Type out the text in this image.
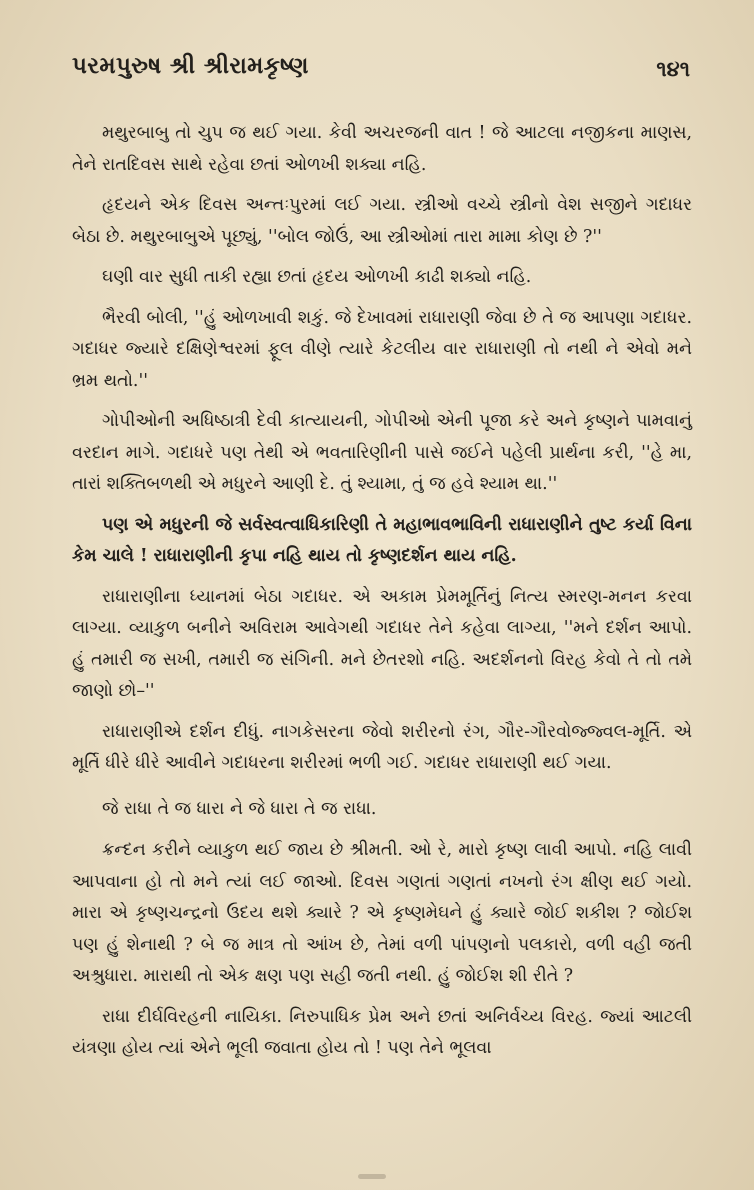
પરમપુરુષ શ્રી શ્રીરામકૃષ્ણ	૧૪૧

મથુરબાબુ તો ચુપ જ થઈ ગયા. કેવી અચરજની વાત ! જે આટલા નજીકના માણસ, તેને રાતદિવસ સાથે રહેવા છતાં ઓળખી શક્યા નહિ.

હૃદયને એક દિવસ અન્તઃપુરમાં લઈ ગયા. સ્ત્રીઓ વચ્ચે સ્ત્રીનો વેશ સજીને ગદાધર બેઠા છે. મથુરબાબુએ પૂછ્યું, ''બોલ જોઉં, આ સ્ત્રીઓમાં તારા મામા કોણ છે ?''

ઘણી વાર સુધી તાકી રહ્યા છતાં હૃદય ઓળખી કાઢી શક્યો નહિ.

ભૈરવી બોલી, ''હું ઓળખાવી શકું. જે દેખાવમાં રાધારાણી જેવા છે તે જ આપણા ગદાધર. ગદાધર જ્યારે દક્ષિણેશ્વરમાં ફૂલ વીણે ત્યારે કેટલીય વાર રાધારાણી તો નથી ને એવો મને ભ્રમ થતો.''

ગોપીઓની અધિષ્ઠાત્રી દેવી કાત્યાયની, ગોપીઓ એની પૂજા કરે અને કૃષ્ણને પામવાનું વરદાન માગે. ગદાધરે પણ તેથી એ ભવતારિણીની પાસે જઈને પહેલી પ્રાર્થના કરી, ''હે મા, તારાં શક્તિબળથી એ મધુરને આણી દે. તું શ્યામા, તું જ હવે શ્યામ થા.''

પણ એ મધુરની જે સર્વસ્વત્વાધિકારિણી તે મહાભાવભાવિની રાધારાણીને તુષ્ટ કર્યા વિના કેમ ચાલે ! રાધારાણીની કૃપા નહિ થાય તો કૃષ્ણદર્શન થાય નહિ.

રાધારાણીના ધ્યાનમાં બેઠા ગદાધર. એ અકામ પ્રેમમૂર્તિનું નિત્ય સ્મરણ-મનન કરવા લાગ્યા. વ્યાકુળ બનીને અવિરામ આવેગથી ગદાધર તેને કહેવા લાગ્યા, ''મને દર્શન આપો. હું તમારી જ સખી, તમારી જ સંગિની. મને છેતરશો નહિ. અદર્શનનો વિરહ કેવો તે તો તમે જાણો છો–''

રાધારાણીએ દર્શન દીધું. નાગકેસરના જેવો શરીરનો રંગ, ગૌર-ગૌરવોજ્જ્વલ-મૂર્તિ. એ મૂર્તિ ધીરે ધીરે આવીને ગદાધરના શરીરમાં ભળી ગઈ. ગદાધર રાધારાણી થઈ ગયા.

જે રાધા તે જ ધારા ને જે ધારા તે જ રાધા.

ક્રન્દન કરીને વ્યાકુળ થઈ જાય છે શ્રીમતી. ઓ રે, મારો કૃષ્ણ લાવી આપો. નહિ લાવી આપવાના હો તો મને ત્યાં લઈ જાઓ. દિવસ ગણતાં ગણતાં નખનો રંગ ક્ષીણ થઈ ગયો. મારા એ કૃષ્ણચન્દ્રનો ઉદય થશે ક્યારે ? એ કૃષ્ણમેઘને હું ક્યારે જોઈ શકીશ ? જોઈશ પણ હું શેનાથી ? બે જ માત્ર તો આંખ છે, તેમાં વળી પાંપણનો પલકારો, વળી વહી જતી અશ્રુધારા. મારાથી તો એક ક્ષણ પણ સહી જતી નથી. હું જોઈશ શી રીતે ?

રાધા દીર્ઘવિરહની નાયિકા. નિરુપાધિક પ્રેમ અને છતાં અનિર્વચ્ય વિરહ. જ્યાં આટલી યંત્રણા હોય ત્યાં એને ભૂલી જવાતા હોય તો ! પણ તેને ભૂલવા
